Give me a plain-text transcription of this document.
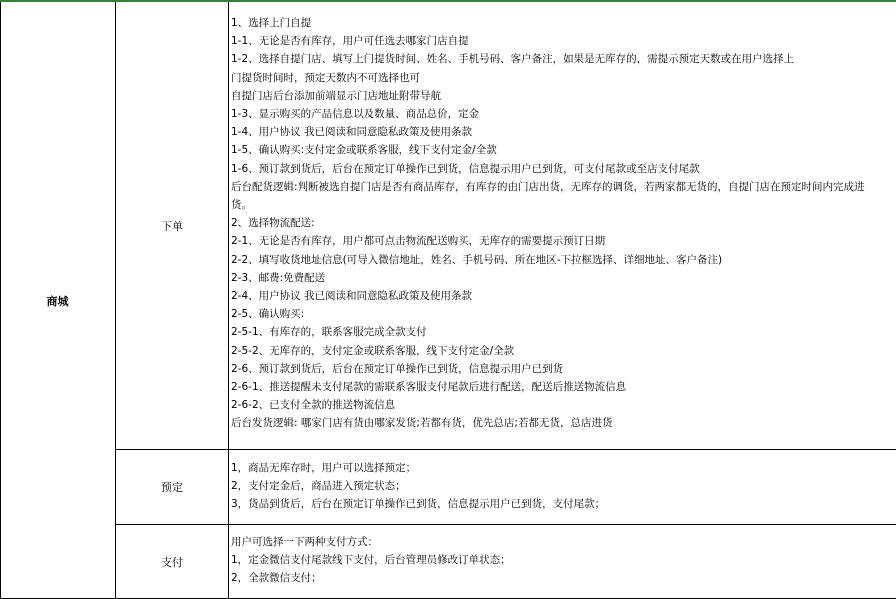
商城
下单
1、选择上门自提
1-1、无论是否有库存，用户可任选去哪家门店自提
1-2、选择自提门店、填写上门提货时间、姓名、手机号码、客户备注，如果是无库存的，需提示预定天数或在用户选择上
门提货时间时，预定天数内不可选择也可
自提门店后台添加前端显示门店地址附带导航
1-3、显示购买的产品信息以及数量、商品总价，定金
1-4、用户协议 我已阅读和同意隐私政策及使用条款
1-5、确认购买:支付定金或联系客服，线下支付定金/全款
1-6、预订款到货后，后台在预定订单操作已到货，信息提示用户已到货，可支付尾款或至店支付尾款
后台配货逻辑:判断被选自提门店是否有商品库存，有库存的由门店出货，无库存的调货，若两家都无货的，自提门店在预定时间内完成进
货。
2、选择物流配送:
2-1、无论是否有库存，用户都可点击物流配送购买，无库存的需要提示预订日期
2-2、填写收货地址信息(可导入微信地址，姓名、手机号码、所在地区-下拉框选择、详细地址、客户备注)
2-3、邮费:免费配送
2-4、用户协议 我已阅读和同意隐私政策及使用条款
2-5、确认购买:
2-5-1、有库存的，联系客服完成全款支付
2-5-2、无库存的，支付定金或联系客服，线下支付定金/全款
2-6、预订款到货后，后台在预定订单操作已到货，信息提示用户已到货
2-6-1、推送提醒未支付尾款的需联系客服支付尾款后进行配送，配送后推送物流信息
2-6-2、已支付全款的推送物流信息
后台发货逻辑: 哪家门店有货由哪家发货;若都有货，优先总店;若都无货，总店进货
预定
1，商品无库存时，用户可以选择预定；
2，支付定金后，商品进入预定状态；
3，货品到货后，后台在预定订单操作已到货，信息提示用户已到货，支付尾款；
支付
用户可选择一下两种支付方式：
1，定金微信支付尾款线下支付，后台管理员修改订单状态；
2，全款微信支付；
